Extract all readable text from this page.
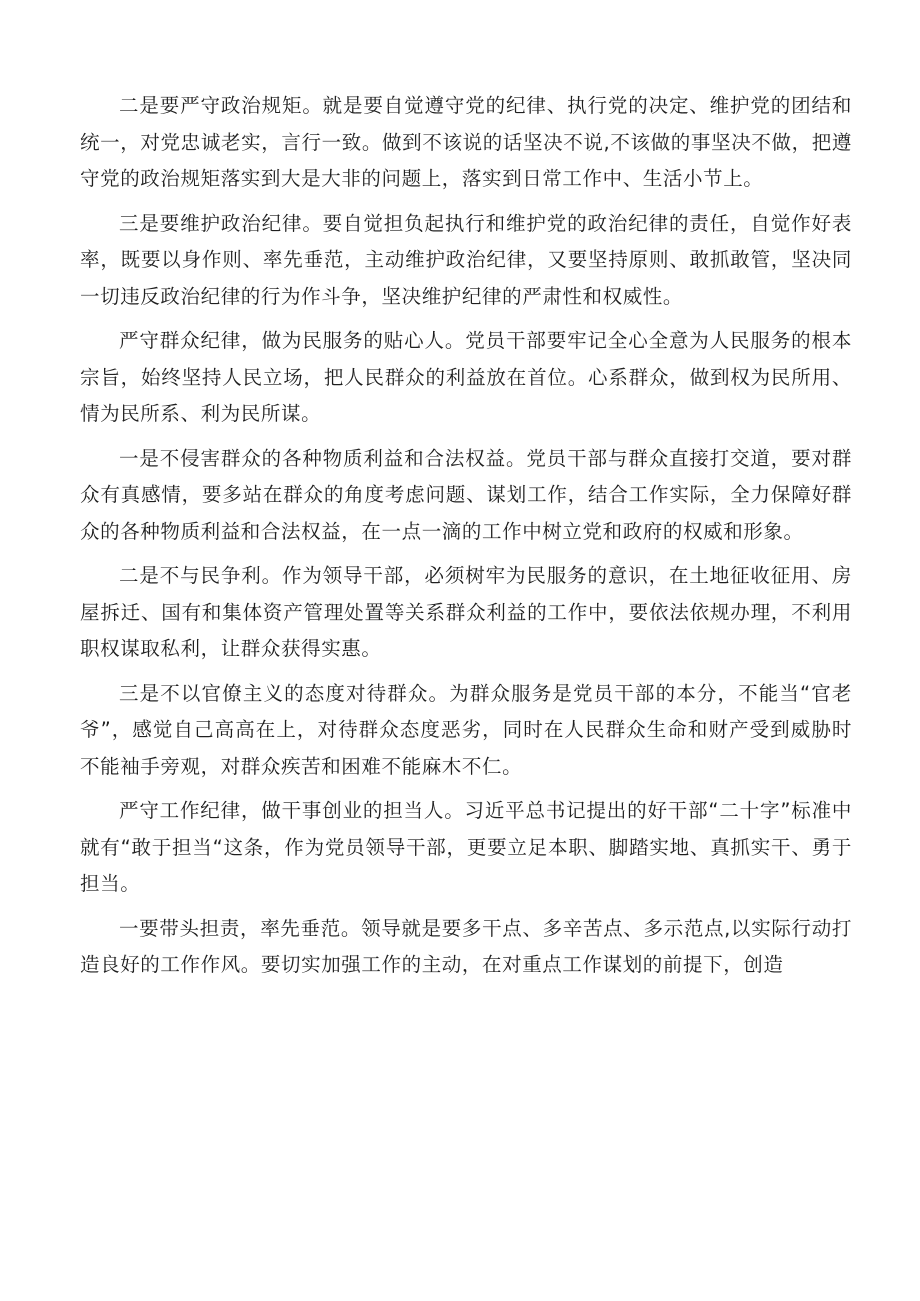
二是要严守政治规矩。就是要自觉遵守党的纪律、执行党的决定、维护党的团结和统一，对党忠诚老实，言行一致。做到不该说的话坚决不说,不该做的事坚决不做，把遵守党的政治规矩落实到大是大非的问题上，落实到日常工作中、生活小节上。

三是要维护政治纪律。要自觉担负起执行和维护党的政治纪律的责任，自觉作好表率，既要以身作则、率先垂范，主动维护政治纪律，又要坚持原则、敢抓敢管，坚决同一切违反政治纪律的行为作斗争，坚决维护纪律的严肃性和权威性。

严守群众纪律，做为民服务的贴心人。党员干部要牢记全心全意为人民服务的根本宗旨，始终坚持人民立场，把人民群众的利益放在首位。心系群众，做到权为民所用、情为民所系、利为民所谋。

一是不侵害群众的各种物质利益和合法权益。党员干部与群众直接打交道，要对群众有真感情，要多站在群众的角度考虑问题、谋划工作，结合工作实际，全力保障好群众的各种物质利益和合法权益，在一点一滴的工作中树立党和政府的权威和形象。

二是不与民争利。作为领导干部，必须树牢为民服务的意识，在土地征收征用、房屋拆迁、国有和集体资产管理处置等关系群众利益的工作中，要依法依规办理，不利用职权谋取私利，让群众获得实惠。

三是不以官僚主义的态度对待群众。为群众服务是党员干部的本分，不能当“官老爷”，感觉自己高高在上，对待群众态度恶劣，同时在人民群众生命和财产受到威胁时不能袖手旁观，对群众疾苦和困难不能麻木不仁。

严守工作纪律，做干事创业的担当人。习近平总书记提出的好干部“二十字”标准中就有“敢于担当“这条，作为党员领导干部，更要立足本职、脚踏实地、真抓实干、勇于担当。

一要带头担责，率先垂范。领导就是要多干点、多辛苦点、多示范点,以实际行动打造良好的工作作风。要切实加强工作的主动，在对重点工作谋划的前提下，创造
